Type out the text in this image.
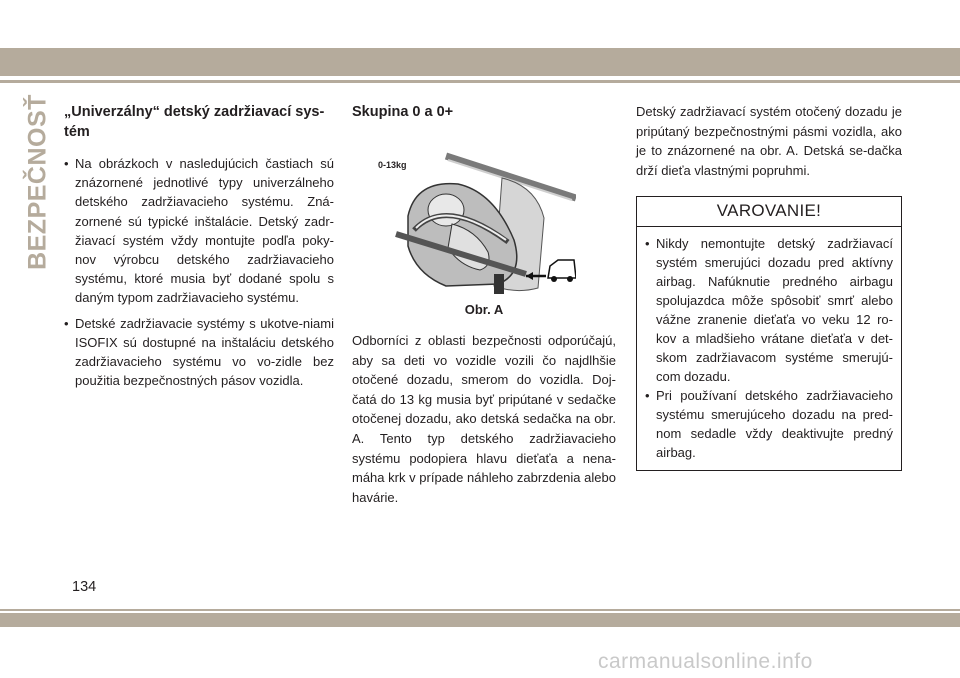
BEZPEČNOSŤ „Univerzálny“ detský zadržiavací sys-tém
• Na obrázkoch v nasledujúcich častiach sú znázornené jednotlivé typy univerzálneho detského zadržiavacieho systému. Zná-zornené sú typické inštalácie. Detský zadr-žiavací systém vždy montujte podľa poky-nov výrobcu detského zadržiavacieho systému, ktoré musia byť dodané spolu s daným typom zadržiavacieho systému.
• Detské zadržiavacie systémy s ukotve-niami ISOFIX sú dostupné na inštaláciu detského zadržiavacieho systému vo vo-zidle bez použitia bezpečnostných pásov vozidla.
Skupina 0 a 0+
0-13kg
Obr. A

Odborníci z oblasti bezpečnosti odporúčajú, aby sa deti vo vozidle vozili čo najdlhšie otočené dozadu, smerom do vozidla. Doj-čatá do 13 kg musia byť pripútané v sedačke otočenej dozadu, ako detská sedačka na obr. A. Tento typ detského zadržiavacieho systému podopiera hlavu dieťaťa a nena-máha krk v prípade náhleho zabrzdenia alebo havárie.

Detský zadržiavací systém otočený dozadu je pripútaný bezpečnostnými pásmi vozidla, ako je to znázornené na obr. A. Detská se-dačka drží dieťa vlastnými popruhmi.

VAROVANIE!
• Nikdy nemontujte detský zadržiavací systém smerujúci dozadu pred aktívny airbag. Nafúknutie predného airbagu spolujazdca môže spôsobiť smrť alebo vážne zranenie dieťaťa vo veku 12 ro-kov a mladšieho vrátane dieťaťa v det-skom zadržiavacom systéme smerujú-com dozadu.
• Pri používaní detského zadržiavacieho systému smerujúceho dozadu na pred-nom sedadle vždy deaktivujte predný airbag.
134
carmanualsonline.info
